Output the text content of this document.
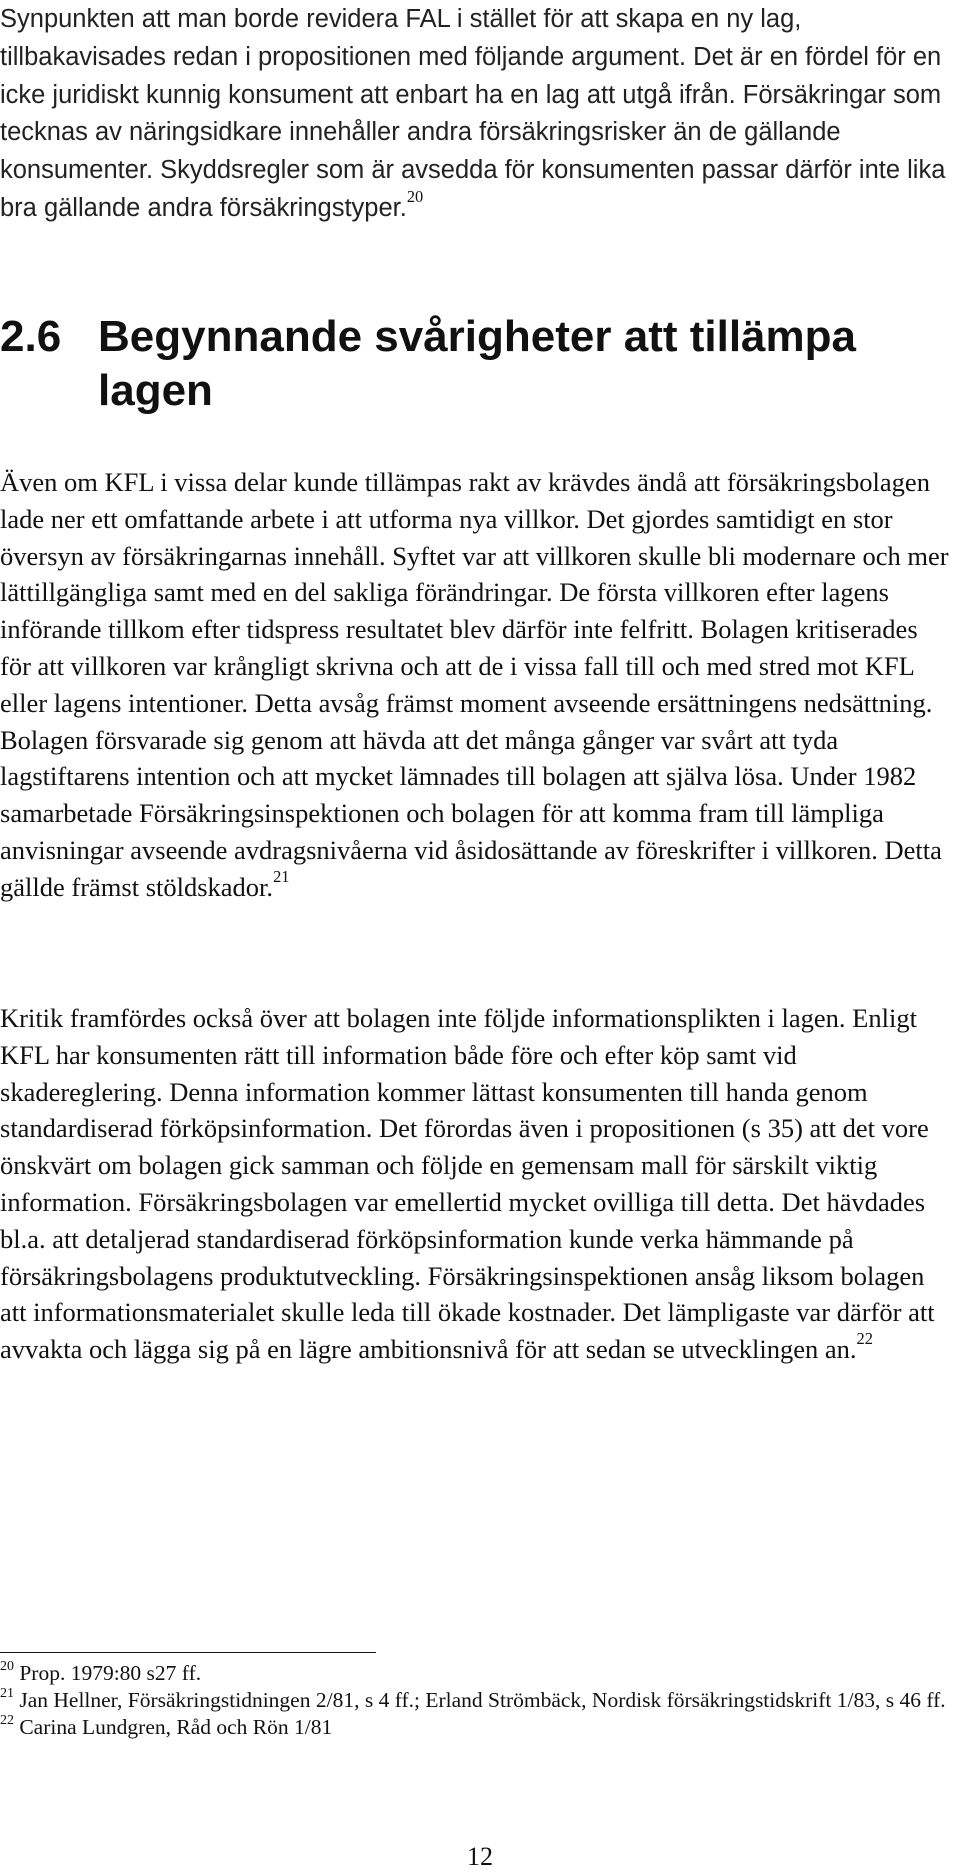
Synpunkten att man borde revidera FAL i stället för att skapa en ny lag, tillbakavisades redan i propositionen med följande argument. Det är en fördel för en icke juridiskt kunnig konsument att enbart ha en lag att utgå ifrån. Försäkringar som tecknas av näringsidkare innehåller andra försäkringsrisker än de gällande konsumenter. Skyddsregler som är avsedda för konsumenten passar därför inte lika bra gällande andra försäkringstyper.$^{20}$

2.6 Begynnande svårigheter att tillämpa lagen

Även om KFL i vissa delar kunde tillämpas rakt av krävdes ändå att försäkringsbolagen lade ner ett omfattande arbete i att utforma nya villkor. Det gjordes samtidigt en stor översyn av försäkringarnas innehåll. Syftet var att villkoren skulle bli modernare och mer lättillgängliga samt med en del sakliga förändringar. De första villkoren efter lagens införande tillkom efter tidspress resultatet blev därför inte felfritt. Bolagen kritiserades för att villkoren var krångligt skrivna och att de i vissa fall till och med stred mot KFL eller lagens intentioner. Detta avsåg främst moment avseende ersättningens nedsättning. Bolagen försvarade sig genom att hävda att det många gånger var svårt att tyda lagstiftarens intention och att mycket lämnades till bolagen att själva lösa. Under 1982 samarbetade Försäkringsinspektionen och bolagen för att komma fram till lämpliga anvisningar avseende avdragsnivåerna vid åsidosättande av föreskrifter i villkoren. Detta gällde främst stöldskador.$^{21}$

Kritik framfördes också över att bolagen inte följde informationsplikten i lagen. Enligt KFL har konsumenten rätt till information både före och efter köp samt vid skadereglering. Denna information kommer lättast konsumenten till handa genom standardiserad förköpsinformation. Det förordas även i propositionen (s 35) att det vore önskvärt om bolagen gick samman och följde en gemensam mall för särskilt viktig information. Försäkringsbolagen var emellertid mycket ovilliga till detta. Det hävdades bl.a. att detaljerad standardiserad förköpsinformation kunde verka hämmande på försäkringsbolagens produktutveckling. Försäkringsinspektionen ansåg liksom bolagen att informationsmaterialet skulle leda till ökade kostnader. Det lämpligaste var därför att avvakta och lägga sig på en lägre ambitionsnivå för att sedan se utvecklingen an.$^{22}$

$^{20}$ Prop. 1979:80 s27 ff.

$^{21}$ Jan Hellner, Försäkringstidningen 2/81, s 4 ff.; Erland Strömbäck, Nordisk försäkringstidskrift 1/83, s 46 ff.

$^{22}$ Carina Lundgren, Råd och Rön 1/81

12
